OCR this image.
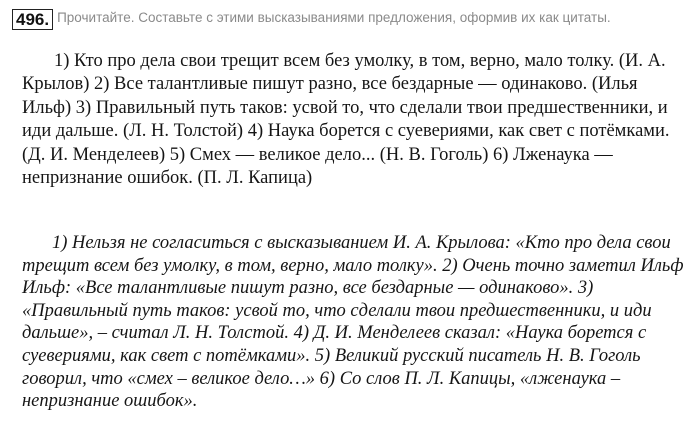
496. Прочитайте. Составьте с этими высказываниями предложения, оформив их как цитаты.

1) Кто про дела свои трещит всем без умолку, в том, верно, мало толку. (И. А. Крылов) 2) Все талантливые пишут разно, все бездарные — одинаково. (Илья Ильф) 3) Правильный путь таков: усвой то, что сделали твои предшественники, и иди дальше. (Л. Н. Толстой) 4) Наука борется с суевериями, как свет с потёмками. (Д. И. Менделеев) 5) Смех — великое дело... (Н. В. Гоголь) 6) Лженаука — непризнание ошибок. (П. Л. Капица)

1) Нельзя не согласиться с высказыванием И. А. Крылова: «Кто про дела свои трещит всем без умолку, в том, верно, мало толку». 2) Очень точно заметил Ильф Ильф: «Все талантливые пишут разно, все бездарные — одинаково». 3) «Правильный путь таков: усвой то, что сделали твои предшественники, и иди дальше», – считал Л. Н. Толстой. 4) Д. И. Менделеев сказал: «Наука борется с суевериями, как свет с потёмками». 5) Великий русский писатель Н. В. Гоголь говорил, что «смех – великое дело…» 6) Со слов П. Л. Капицы, «лженаука – непризнание ошибок».
